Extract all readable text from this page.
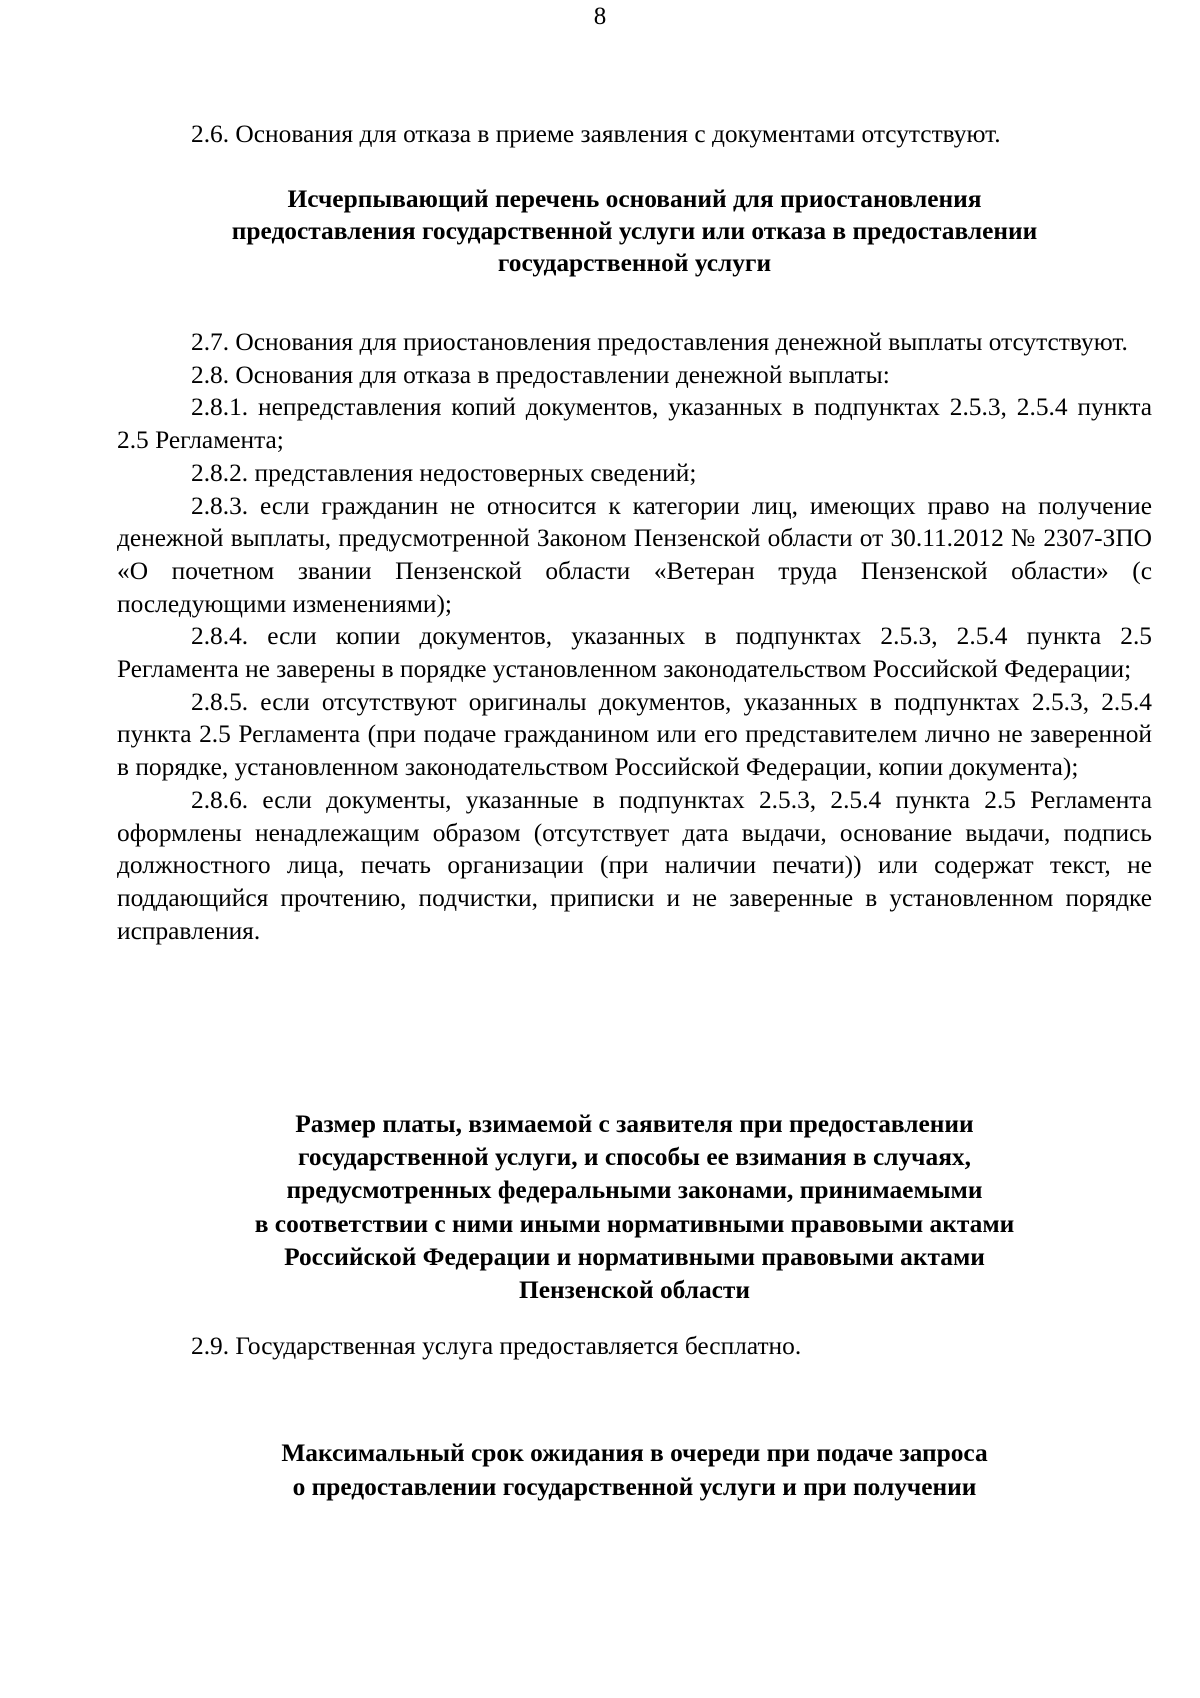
8

2.6. Основания для отказа в приеме заявления с документами отсутствуют.

Исчерпывающий перечень оснований для приостановления
предоставления государственной услуги или отказа в предоставлении
государственной услуги

2.7. Основания для приостановления предоставления денежной выплаты отсутствуют.

2.8. Основания для отказа в предоставлении денежной выплаты:

2.8.1. непредставления копий документов, указанных в подпунктах 2.5.3, 2.5.4 пункта 2.5 Регламента;

2.8.2. представления недостоверных сведений;

2.8.3. если гражданин не относится к категории лиц, имеющих право на получение денежной выплаты, предусмотренной Законом Пензенской области от 30.11.2012 № 2307-ЗПО «О почетном звании Пензенской области «Ветеран труда Пензенской области» (с последующими изменениями);

2.8.4. если копии документов, указанных в подпунктах 2.5.3, 2.5.4 пункта 2.5 Регламента не заверены в порядке установленном законодательством Российской Федерации;

2.8.5. если отсутствуют оригиналы документов, указанных в подпунктах 2.5.3, 2.5.4 пункта 2.5 Регламента (при подаче гражданином или его представителем лично не заверенной в порядке, установленном законодательством Российской Федерации, копии документа);

2.8.6. если документы, указанные в подпунктах 2.5.3, 2.5.4 пункта 2.5 Регламента оформлены ненадлежащим образом (отсутствует дата выдачи, основание выдачи, подпись должностного лица, печать организации (при наличии печати)) или содержат текст, не поддающийся прочтению, подчистки, приписки и не заверенные в установленном порядке исправления.

Размер платы, взимаемой с заявителя при предоставлении
государственной услуги, и способы ее взимания в случаях,
предусмотренных федеральными законами, принимаемыми
в соответствии с ними иными нормативными правовыми актами
Российской Федерации и нормативными правовыми актами
Пензенской области

2.9. Государственная услуга предоставляется бесплатно.

Максимальный срок ожидания в очереди при подаче запроса
о предоставлении государственной услуги и при получении
